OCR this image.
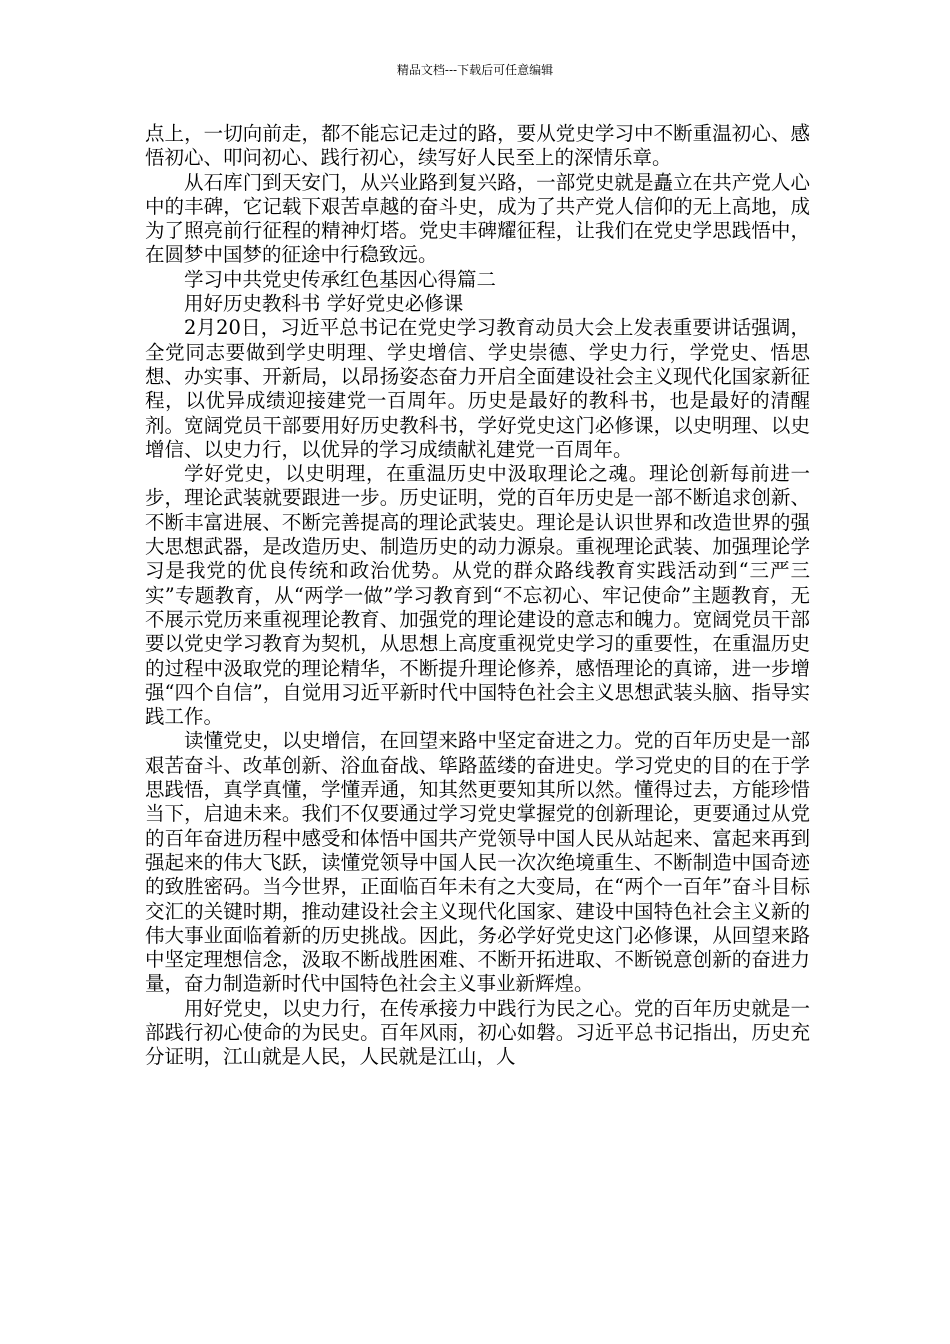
精品文档---下载后可任意编辑

点上，一切向前走，都不能忘记走过的路，要从党史学习中不断重温初心、感悟初心、叩问初心、践行初心，续写好人民至上的深情乐章。

从石库门到天安门，从兴业路到复兴路，一部党史就是矗立在共产党人心中的丰碑，它记载下艰苦卓越的奋斗史，成为了共产党人信仰的无上高地，成为了照亮前行征程的精神灯塔。党史丰碑耀征程，让我们在党史学思践悟中，在圆梦中国梦的征途中行稳致远。

学习中共党史传承红色基因心得篇二

用好历史教科书 学好党史必修课

2月20日，习近平总书记在党史学习教育动员大会上发表重要讲话强调，全党同志要做到学史明理、学史增信、学史崇德、学史力行，学党史、悟思想、办实事、开新局，以昂扬姿态奋力开启全面建设社会主义现代化国家新征程，以优异成绩迎接建党一百周年。历史是最好的教科书，也是最好的清醒剂。宽阔党员干部要用好历史教科书，学好党史这门必修课，以史明理、以史增信、以史力行，以优异的学习成绩献礼建党一百周年。

学好党史，以史明理，在重温历史中汲取理论之魂。理论创新每前进一步，理论武装就要跟进一步。历史证明，党的百年历史是一部不断追求创新、不断丰富进展、不断完善提高的理论武装史。理论是认识世界和改造世界的强大思想武器，是改造历史、制造历史的动力源泉。重视理论武装、加强理论学习是我党的优良传统和政治优势。从党的群众路线教育实践活动到“三严三实”专题教育，从“两学一做”学习教育到“不忘初心、牢记使命”主题教育，无不展示党历来重视理论教育、加强党的理论建设的意志和魄力。宽阔党员干部要以党史学习教育为契机，从思想上高度重视党史学习的重要性，在重温历史的过程中汲取党的理论精华，不断提升理论修养，感悟理论的真谛，进一步增强“四个自信”，自觉用习近平新时代中国特色社会主义思想武装头脑、指导实践工作。

读懂党史，以史增信，在回望来路中坚定奋进之力。党的百年历史是一部艰苦奋斗、改革创新、浴血奋战、筚路蓝缕的奋进史。学习党史的目的在于学思践悟，真学真懂，学懂弄通，知其然更要知其所以然。懂得过去，方能珍惜当下，启迪未来。我们不仅要通过学习党史掌握党的创新理论，更要通过从党的百年奋进历程中感受和体悟中国共产党领导中国人民从站起来、富起来再到强起来的伟大飞跃，读懂党领导中国人民一次次绝境重生、不断制造中国奇迹的致胜密码。当今世界，正面临百年未有之大变局，在“两个一百年”奋斗目标交汇的关键时期，推动建设社会主义现代化国家、建设中国特色社会主义新的伟大事业面临着新的历史挑战。因此，务必学好党史这门必修课，从回望来路中坚定理想信念，汲取不断战胜困难、不断开拓进取、不断锐意创新的奋进力量，奋力制造新时代中国特色社会主义事业新辉煌。

用好党史，以史力行，在传承接力中践行为民之心。党的百年历史就是一部践行初心使命的为民史。百年风雨，初心如磐。习近平总书记指出，历史充分证明，江山就是人民，人民就是江山，人
